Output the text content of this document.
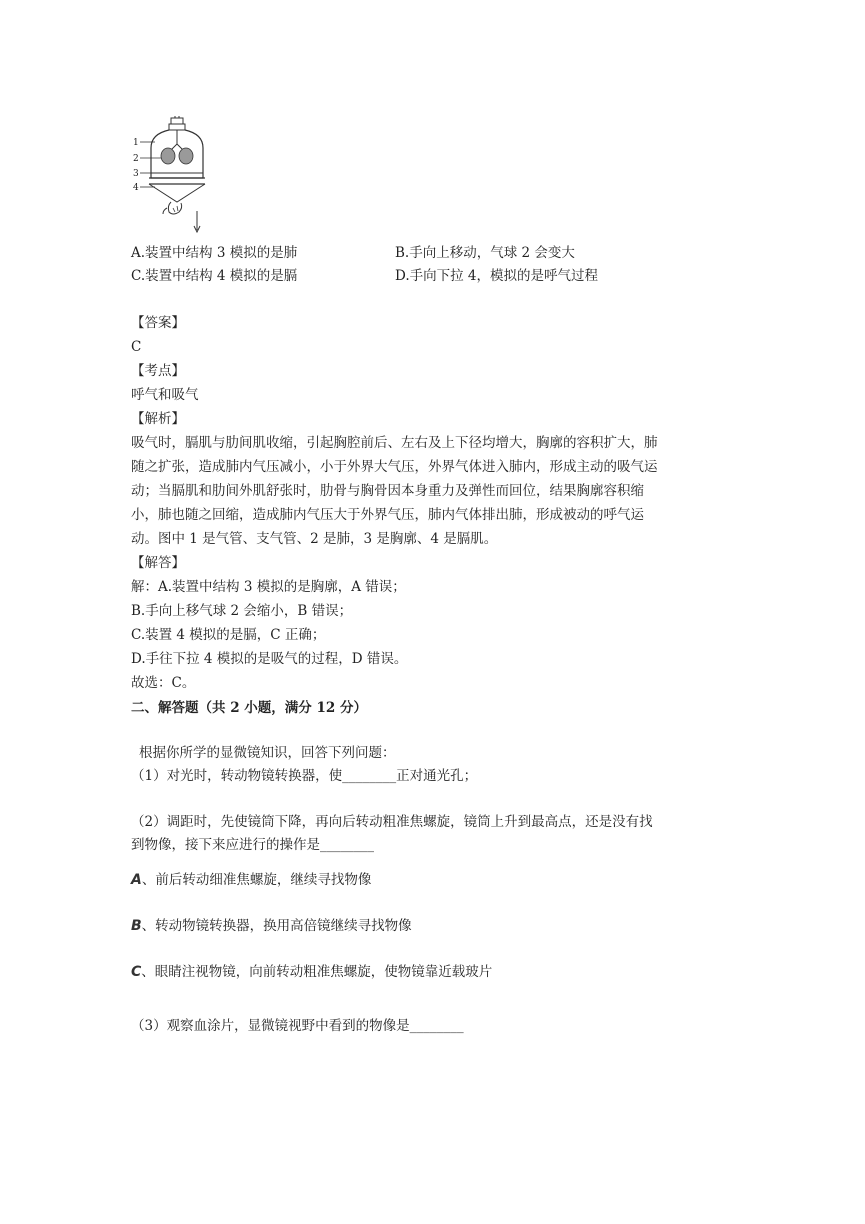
1
2
3
4
A.装置中结构 3 模拟的是肺	B.手向上移动，气球 2 会变大
C.装置中结构 4 模拟的是膈	D.手向下拉 4，模拟的是呼气过程
【答案】
C
【考点】
呼气和吸气
【解析】
吸气时，膈肌与肋间肌收缩，引起胸腔前后、左右及上下径均增大，胸廓的容积扩大，肺
随之扩张，造成肺内气压减小，小于外界大气压，外界气体进入肺内，形成主动的吸气运
动；当膈肌和肋间外肌舒张时，肋骨与胸骨因本身重力及弹性而回位，结果胸廓容积缩
小，肺也随之回缩，造成肺内气压大于外界气压，肺内气体排出肺，形成被动的呼气运
动。图中 1 是气管、支气管、2 是肺，3 是胸廓、4 是膈肌。
【解答】
解：A.装置中结构 3 模拟的是胸廓，A 错误；
B.手向上移气球 2 会缩小，B 错误；
C.装置 4 模拟的是膈，C 正确；
D.手往下拉 4 模拟的是吸气的过程，D 错误。
故选：C。
二、解答题（共 2 小题，满分 12 分）
根据你所学的显微镜知识，回答下列问题：
（1）对光时，转动物镜转换器，使________正对通光孔；
（2）调距时，先使镜筒下降，再向后转动粗准焦螺旋，镜筒上升到最高点，还是没有找
到物像，接下来应进行的操作是________
A、前后转动细准焦螺旋，继续寻找物像
B、转动物镜转换器，换用高倍镜继续寻找物像
C、眼睛注视物镜，向前转动粗准焦螺旋，使物镜靠近载玻片
（3）观察血涂片，显微镜视野中看到的物像是________
